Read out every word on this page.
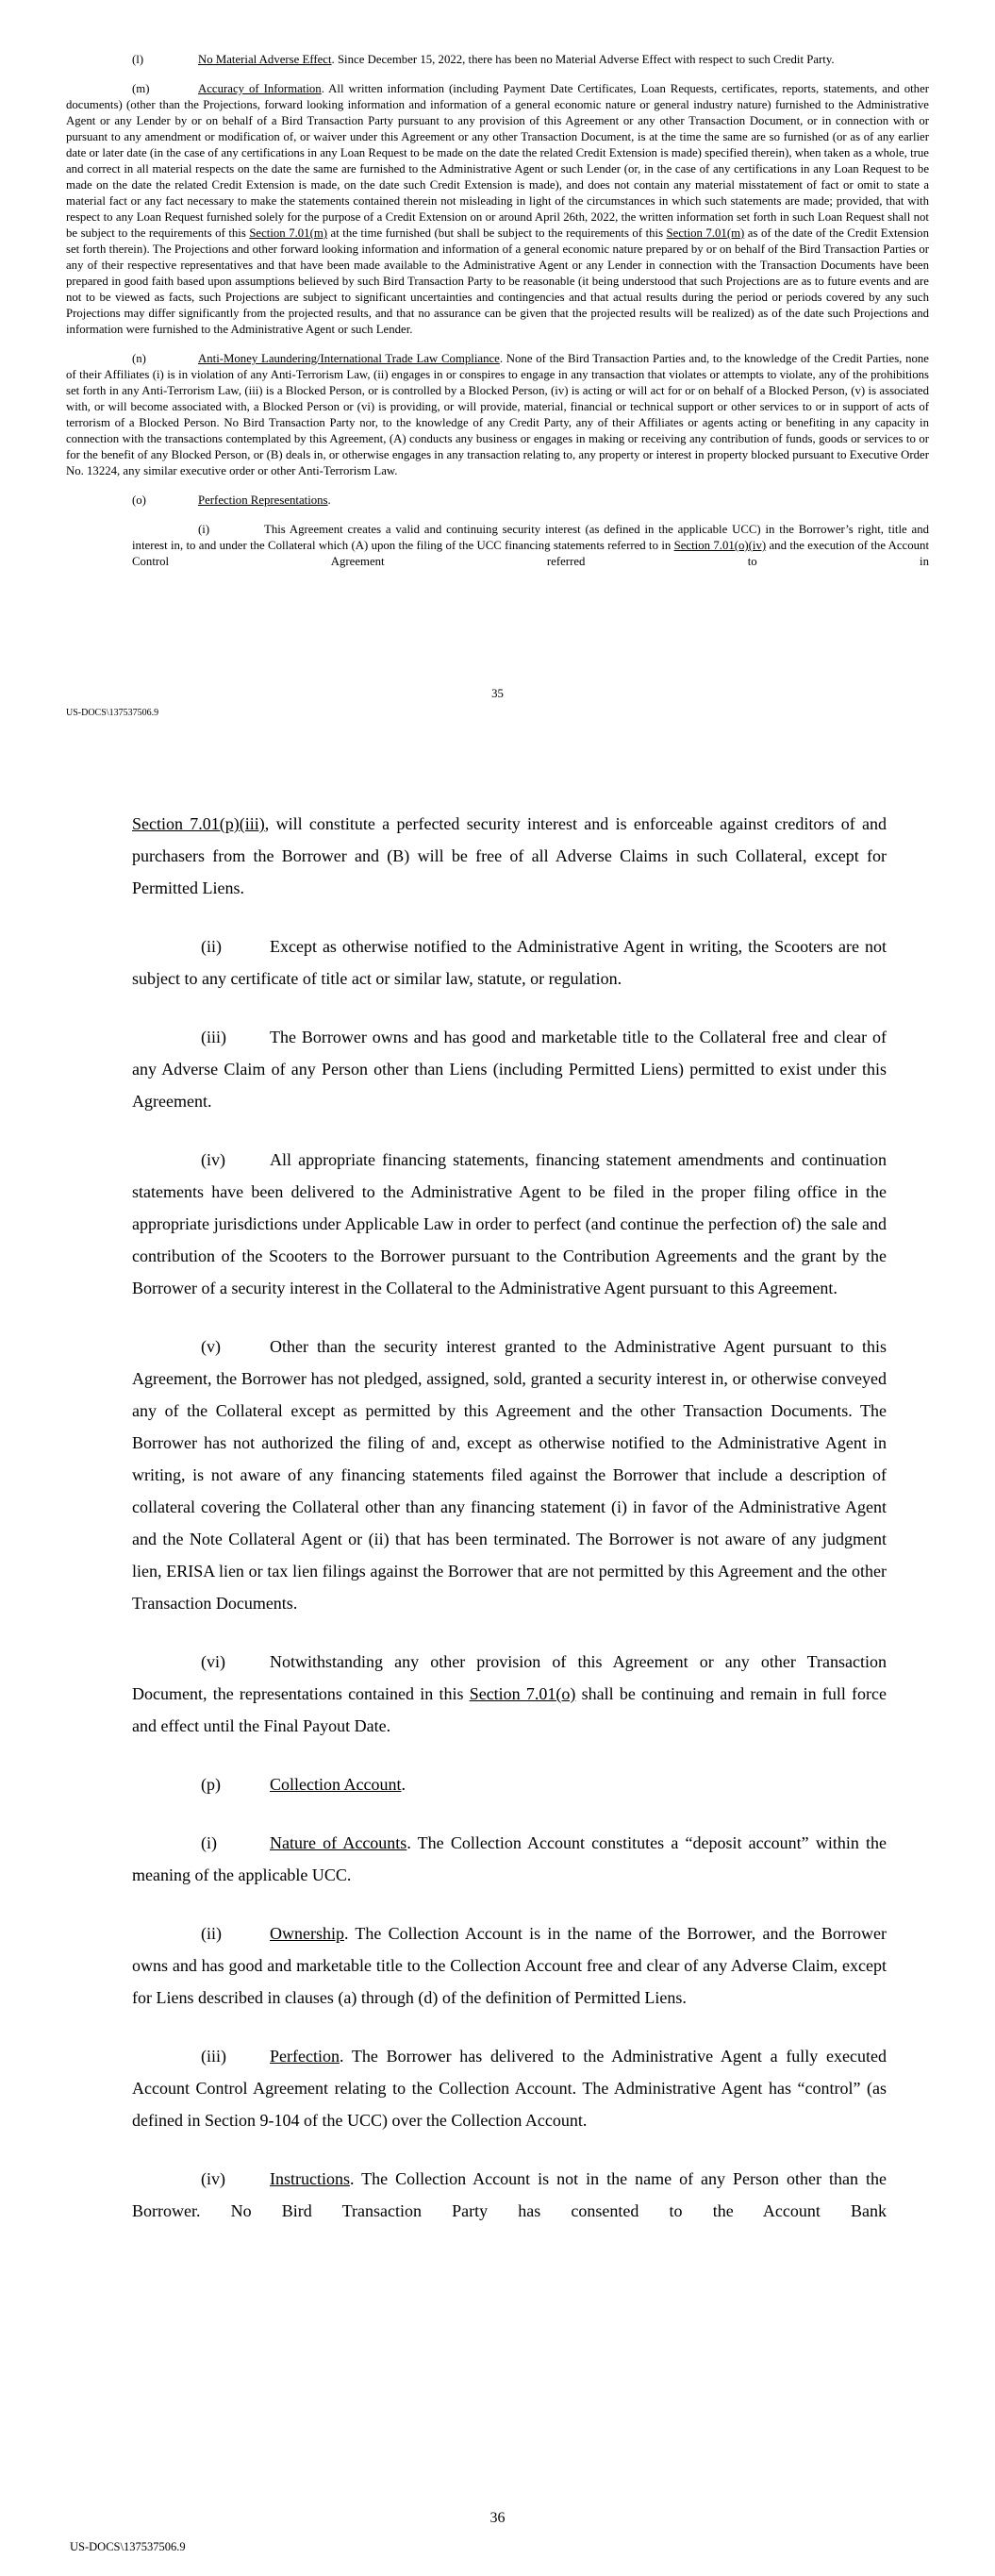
(l)	No Material Adverse Effect. Since December 15, 2022, there has been no Material Adverse Effect with respect to such Credit Party.

(m)	Accuracy of Information. All written information (including Payment Date Certificates, Loan Requests, certificates, reports, statements, and other documents) (other than the Projections, forward looking information and information of a general economic nature or general industry nature) furnished to the Administrative Agent or any Lender by or on behalf of a Bird Transaction Party pursuant to any provision of this Agreement or any other Transaction Document, or in connection with or pursuant to any amendment or modification of, or waiver under this Agreement or any other Transaction Document, is at the time the same are so furnished (or as of any earlier date or later date (in the case of any certifications in any Loan Request to be made on the date the related Credit Extension is made) specified therein), when taken as a whole, true and correct in all material respects on the date the same are furnished to the Administrative Agent or such Lender (or, in the case of any certifications in any Loan Request to be made on the date the related Credit Extension is made, on the date such Credit Extension is made), and does not contain any material misstatement of fact or omit to state a material fact or any fact necessary to make the statements contained therein not misleading in light of the circumstances in which such statements are made; provided, that with respect to any Loan Request furnished solely for the purpose of a Credit Extension on or around April 26th, 2022, the written information set forth in such Loan Request shall not be subject to the requirements of this Section 7.01(m) at the time furnished (but shall be subject to the requirements of this Section 7.01(m) as of the date of the Credit Extension set forth therein). The Projections and other forward looking information and information of a general economic nature prepared by or on behalf of the Bird Transaction Parties or any of their respective representatives and that have been made available to the Administrative Agent or any Lender in connection with the Transaction Documents have been prepared in good faith based upon assumptions believed by such Bird Transaction Party to be reasonable (it being understood that such Projections are as to future events and are not to be viewed as facts, such Projections are subject to significant uncertainties and contingencies and that actual results during the period or periods covered by any such Projections may differ significantly from the projected results, and that no assurance can be given that the projected results will be realized) as of the date such Projections and information were furnished to the Administrative Agent or such Lender.

(n)	Anti-Money Laundering/International Trade Law Compliance. None of the Bird Transaction Parties and, to the knowledge of the Credit Parties, none of their Affiliates (i) is in violation of any Anti-Terrorism Law, (ii) engages in or conspires to engage in any transaction that violates or attempts to violate, any of the prohibitions set forth in any Anti-Terrorism Law, (iii) is a Blocked Person, or is controlled by a Blocked Person, (iv) is acting or will act for or on behalf of a Blocked Person, (v) is associated with, or will become associated with, a Blocked Person or (vi) is providing, or will provide, material, financial or technical support or other services to or in support of acts of terrorism of a Blocked Person. No Bird Transaction Party nor, to the knowledge of any Credit Party, any of their Affiliates or agents acting or benefiting in any capacity in connection with the transactions contemplated by this Agreement, (A) conducts any business or engages in making or receiving any contribution of funds, goods or services to or for the benefit of any Blocked Person, or (B) deals in, or otherwise engages in any transaction relating to, any property or interest in property blocked pursuant to Executive Order No. 13224, any similar executive order or other Anti-Terrorism Law.

(o)	Perfection Representations.

(i)	This Agreement creates a valid and continuing security interest (as defined in the applicable UCC) in the Borrower’s right, title and interest in, to and under the Collateral which (A) upon the filing of the UCC financing statements referred to in Section 7.01(o)(iv) and the execution of the Account Control Agreement referred to in

35
US-DOCS\137537506.9

Section 7.01(p)(iii), will constitute a perfected security interest and is enforceable against creditors of and purchasers from the Borrower and (B) will be free of all Adverse Claims in such Collateral, except for Permitted Liens.

(ii)	Except as otherwise notified to the Administrative Agent in writing, the Scooters are not subject to any certificate of title act or similar law, statute, or regulation.

(iii)	The Borrower owns and has good and marketable title to the Collateral free and clear of any Adverse Claim of any Person other than Liens (including Permitted Liens) permitted to exist under this Agreement.

(iv)	All appropriate financing statements, financing statement amendments and continuation statements have been delivered to the Administrative Agent to be filed in the proper filing office in the appropriate jurisdictions under Applicable Law in order to perfect (and continue the perfection of) the sale and contribution of the Scooters to the Borrower pursuant to the Contribution Agreements and the grant by the Borrower of a security interest in the Collateral to the Administrative Agent pursuant to this Agreement.

(v)	Other than the security interest granted to the Administrative Agent pursuant to this Agreement, the Borrower has not pledged, assigned, sold, granted a security interest in, or otherwise conveyed any of the Collateral except as permitted by this Agreement and the other Transaction Documents. The Borrower has not authorized the filing of and, except as otherwise notified to the Administrative Agent in writing, is not aware of any financing statements filed against the Borrower that include a description of collateral covering the Collateral other than any financing statement (i) in favor of the Administrative Agent and the Note Collateral Agent or (ii) that has been terminated. The Borrower is not aware of any judgment lien, ERISA lien or tax lien filings against the Borrower that are not permitted by this Agreement and the other Transaction Documents.

(vi)	Notwithstanding any other provision of this Agreement or any other Transaction Document, the representations contained in this Section 7.01(o) shall be continuing and remain in full force and effect until the Final Payout Date.

(p)	Collection Account.

(i)	Nature of Accounts. The Collection Account constitutes a “deposit account” within the meaning of the applicable UCC.

(ii)	Ownership. The Collection Account is in the name of the Borrower, and the Borrower owns and has good and marketable title to the Collection Account free and clear of any Adverse Claim, except for Liens described in clauses (a) through (d) of the definition of Permitted Liens.

(iii)	Perfection. The Borrower has delivered to the Administrative Agent a fully executed Account Control Agreement relating to the Collection Account. The Administrative Agent has “control” (as defined in Section 9-104 of the UCC) over the Collection Account.

(iv)	Instructions. The Collection Account is not in the name of any Person other than the Borrower. No Bird Transaction Party has consented to the Account Bank

36
US-DOCS\137537506.9
